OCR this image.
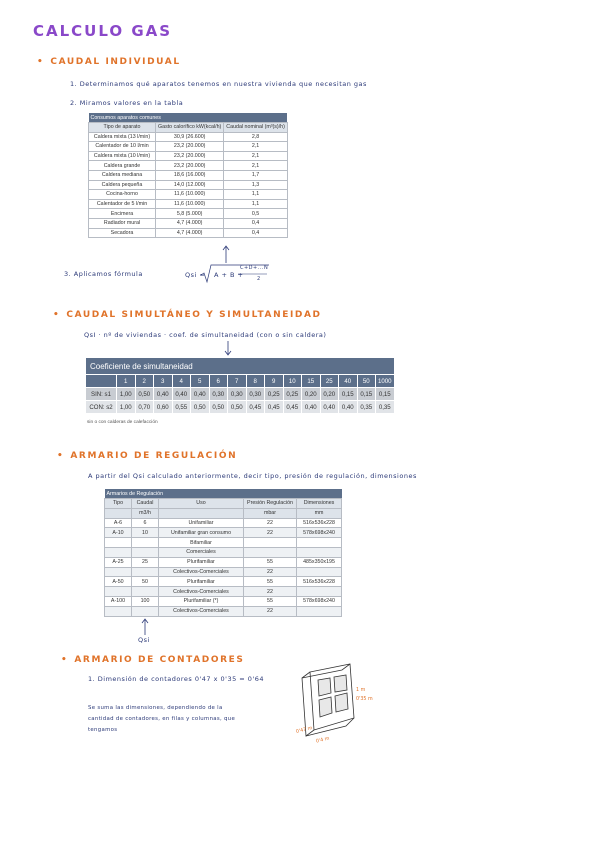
CALCULO GAS
• CAUDAL INDIVIDUAL
1. Determinamos qué aparatos tenemos en nuestra vivienda que necesitan gas
2. Miramos valores en la tabla
Consumos aparatos comunes		
Tipo de aparato	Gasto calorífico kW(kcal/h)	Caudal nominal (m³(s)/h)
Caldera mixta (13 l/min)	30,9 (26.600)	2,8
Calentador de 10 l/min	23,2 (20.000)	2,1
Caldera mixta (10 l/min)	23,2 (20.000)	2,1
Caldera grande	23,2 (20.000)	2,1
Caldera mediana	18,6 (16.000)	1,7
Caldera pequeña	14,0 (12.000)	1,3
Cocina-horno	11,6 (10.000)	1,1
Calentador de 5 l/min	11,6 (10.000)	1,1
Encimera	5,8 (5.000)	0,5
Radiador mural	4,7 (4.000)	0,4
Secadora	4,7 (4.000)	0,4
3. Aplicamos fórmula	Qsi = A + B +
C+D+...N
2
• CAUDAL SIMULTÁNEO Y SIMULTANEIDAD
QsI · nº de viviendas · coef. de simultaneidad (con o sin caldera)
Coeficiente de simultaneidad															
	1	2	3	4	5	6	7	8	9	10	15	25	40	50	1000
SIN: s1	1,00	0,50	0,40	0,40	0,40	0,30	0,30	0,30	0,25	0,25	0,20	0,20	0,15	0,15	0,15
CON: s2	1,00	0,70	0,60	0,55	0,50	0,50	0,50	0,45	0,45	0,45	0,40	0,40	0,40	0,35	0,35
sin o con calderas de calefacción															
• ARMARIO DE REGULACIÓN
A partir del Qsi calculado anteriormente, decir tipo, presión de regulación, dimensiones
Armarios de Regulación				
Tipo	Caudal	Uso	Presión Regulación	Dimensiones
	m3/h		mbar	mm
A-6	6	Unifamiliar	22	516x536x228
A-10	10	Unifamiliar gran consumo	22	578x698x240
		Bifamiliar		
		Comerciales		
A-25	25	Plurifamiliar	55	485x350x195
		Colectivos-Comerciales	22	
A-50	50	Plurifamiliar	55	516x536x228
		Colectivos-Comerciales	22	
A-100	100	Plurifamiliar (*)	55	578x698x240
		Colectivos-Comerciales	22	
Qsi
• ARMARIO DE CONTADORES
1. Dimensión de contadores 0'47 x 0'35 = 0'64
Se suma las dimensiones, dependiendo de la
cantidad de contadores, en filas y columnas, que
tengamos
1 m
0'35 m
0'47 m
0'4 m
